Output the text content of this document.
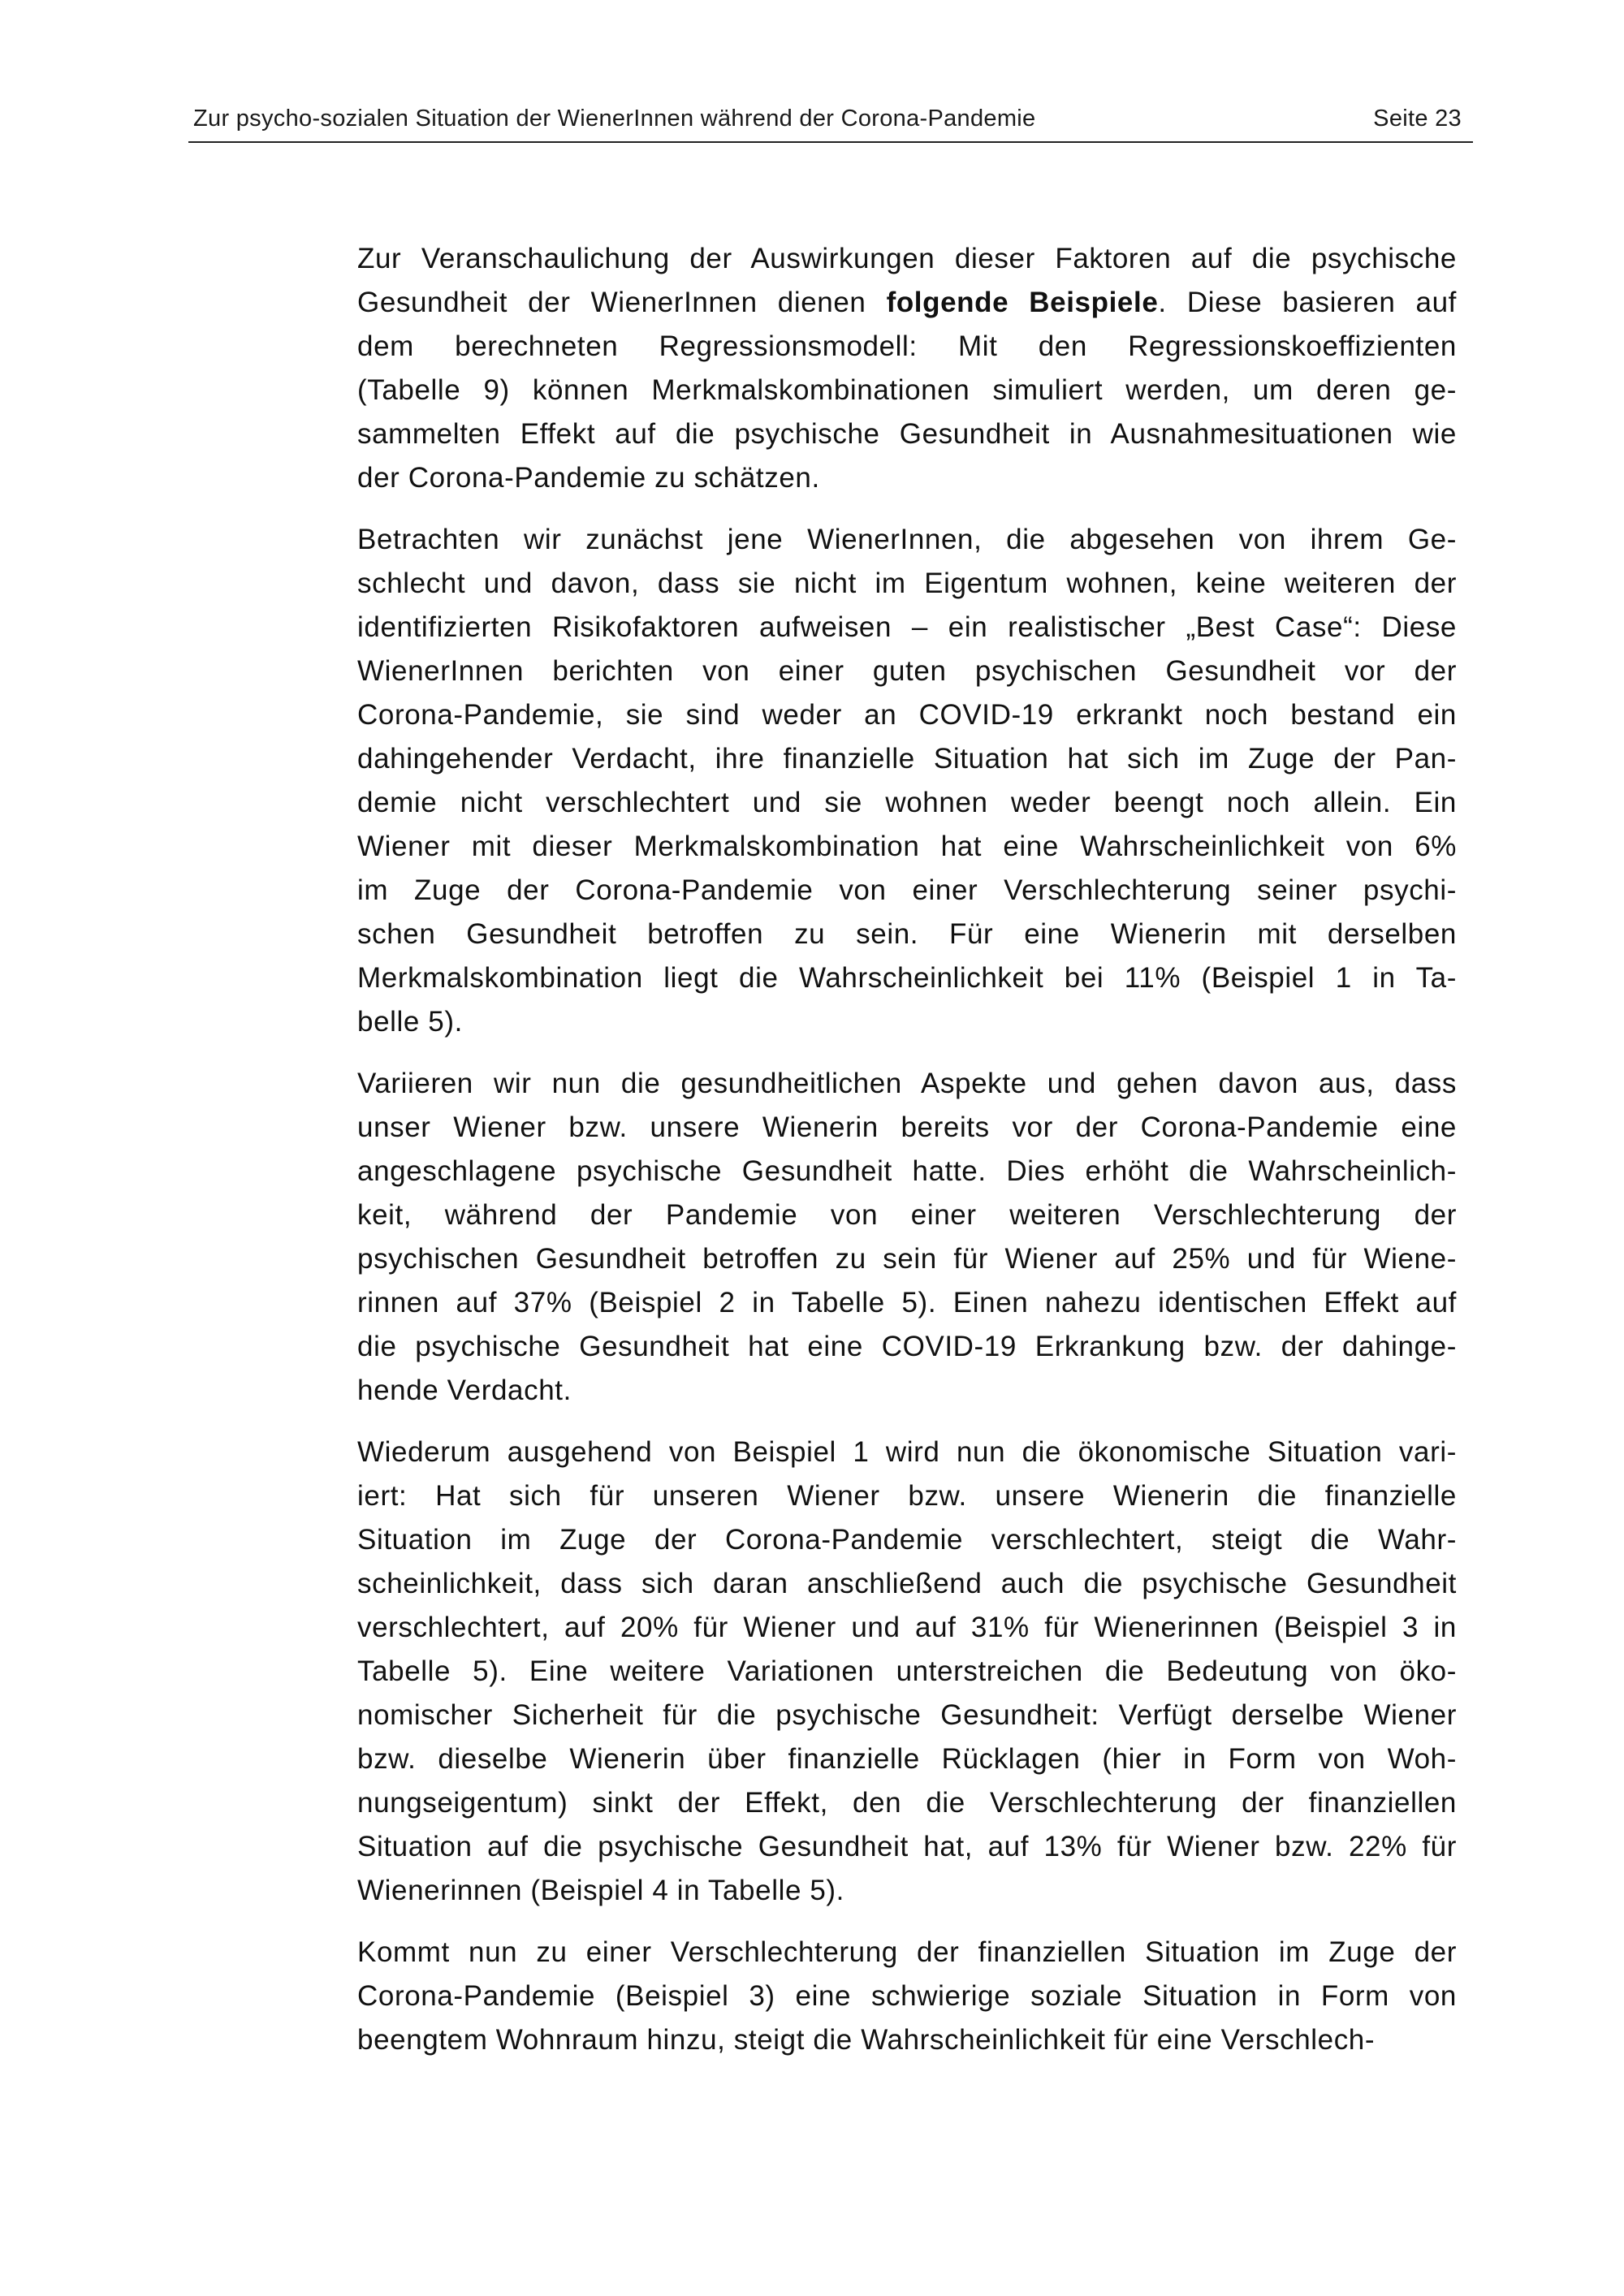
Zur psycho-sozialen Situation der WienerInnen während der Corona-Pandemie	Seite 23
Zur Veranschaulichung der Auswirkungen dieser Faktoren auf die psychische
Gesundheit der WienerInnen dienen folgende Beispiele. Diese basieren auf
dem berechneten Regressionsmodell: Mit den Regressionskoeffizienten
(Tabelle 9) können Merkmalskombinationen simuliert werden, um deren ge-
sammelten Effekt auf die psychische Gesundheit in Ausnahmesituationen wie
der Corona-Pandemie zu schätzen.
Betrachten wir zunächst jene WienerInnen, die abgesehen von ihrem Ge-
schlecht und davon, dass sie nicht im Eigentum wohnen, keine weiteren der
identifizierten Risikofaktoren aufweisen – ein realistischer „Best Case“: Diese
WienerInnen berichten von einer guten psychischen Gesundheit vor der
Corona-Pandemie, sie sind weder an COVID-19 erkrankt noch bestand ein
dahingehender Verdacht, ihre finanzielle Situation hat sich im Zuge der Pan-
demie nicht verschlechtert und sie wohnen weder beengt noch allein. Ein
Wiener mit dieser Merkmalskombination hat eine Wahrscheinlichkeit von 6%
im Zuge der Corona-Pandemie von einer Verschlechterung seiner psychi-
schen Gesundheit betroffen zu sein. Für eine Wienerin mit derselben
Merkmalskombination liegt die Wahrscheinlichkeit bei 11% (Beispiel 1 in Ta-
belle 5).
Variieren wir nun die gesundheitlichen Aspekte und gehen davon aus, dass
unser Wiener bzw. unsere Wienerin bereits vor der Corona-Pandemie eine
angeschlagene psychische Gesundheit hatte. Dies erhöht die Wahrscheinlich-
keit, während der Pandemie von einer weiteren Verschlechterung der
psychischen Gesundheit betroffen zu sein für Wiener auf 25% und für Wiene-
rinnen auf 37% (Beispiel 2 in Tabelle 5). Einen nahezu identischen Effekt auf
die psychische Gesundheit hat eine COVID-19 Erkrankung bzw. der dahinge-
hende Verdacht.
Wiederum ausgehend von Beispiel 1 wird nun die ökonomische Situation vari-
iert: Hat sich für unseren Wiener bzw. unsere Wienerin die finanzielle
Situation im Zuge der Corona-Pandemie verschlechtert, steigt die Wahr-
scheinlichkeit, dass sich daran anschließend auch die psychische Gesundheit
verschlechtert, auf 20% für Wiener und auf 31% für Wienerinnen (Beispiel 3 in
Tabelle 5). Eine weitere Variationen unterstreichen die Bedeutung von öko-
nomischer Sicherheit für die psychische Gesundheit: Verfügt derselbe Wiener
bzw. dieselbe Wienerin über finanzielle Rücklagen (hier in Form von Woh-
nungseigentum) sinkt der Effekt, den die Verschlechterung der finanziellen
Situation auf die psychische Gesundheit hat, auf 13% für Wiener bzw. 22% für
Wienerinnen (Beispiel 4 in Tabelle 5).
Kommt nun zu einer Verschlechterung der finanziellen Situation im Zuge der
Corona-Pandemie (Beispiel 3) eine schwierige soziale Situation in Form von
beengtem Wohnraum hinzu, steigt die Wahrscheinlichkeit für eine Verschlech-
